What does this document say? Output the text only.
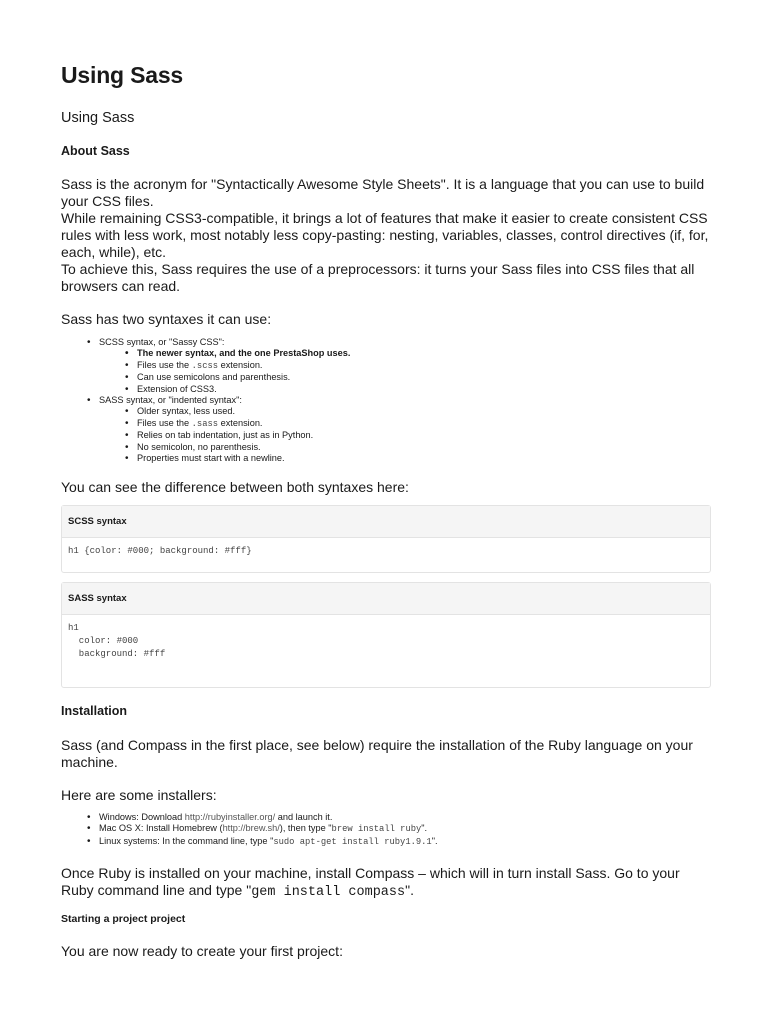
Using Sass
Using Sass
About Sass

Sass is the acronym for "Syntactically Awesome Style Sheets". It is a language that you can use to build your CSS files.

While remaining CSS3-compatible, it brings a lot of features that make it easier to create consistent CSS rules with less work, most notably less copy-pasting: nesting, variables, classes, control directives (if, for, each, while), etc.

To achieve this, Sass requires the use of a preprocessors: it turns your Sass files into CSS files that all browsers can read.

Sass has two syntaxes it can use:
• SCSS syntax, or "Sassy CSS":
• The newer syntax, and the one PrestaShop uses.
• Files use the .scss extension.
• Can use semicolons and parenthesis.
• Extension of CSS3.
• SASS syntax, or "indented syntax":
• Older syntax, less used.
• Files use the .sass extension.
• Relies on tab indentation, just as in Python.
• No semicolon, no parenthesis.
• Properties must start with a newline.
You can see the difference between both syntaxes here:
SCSS syntax
h1 {color: #000; background: #fff}
SASS syntax
h1
color: #000
background: #fff
Installation
Sass (and Compass in the first place, see below) require the installation of the Ruby language on your machine.
Here are some installers:
• Windows: Download http://rubyinstaller.org/ and launch it.
• Mac OS X: Install Homebrew (http://brew.sh/), then type "brew install ruby".
• Linux systems: In the command line, type "sudo apt-get install ruby1.9.1".
Once Ruby is installed on your machine, install Compass – which will in turn install Sass. Go to your Ruby command line and type "gem install compass".
Starting a project project
You are now ready to create your first project:
